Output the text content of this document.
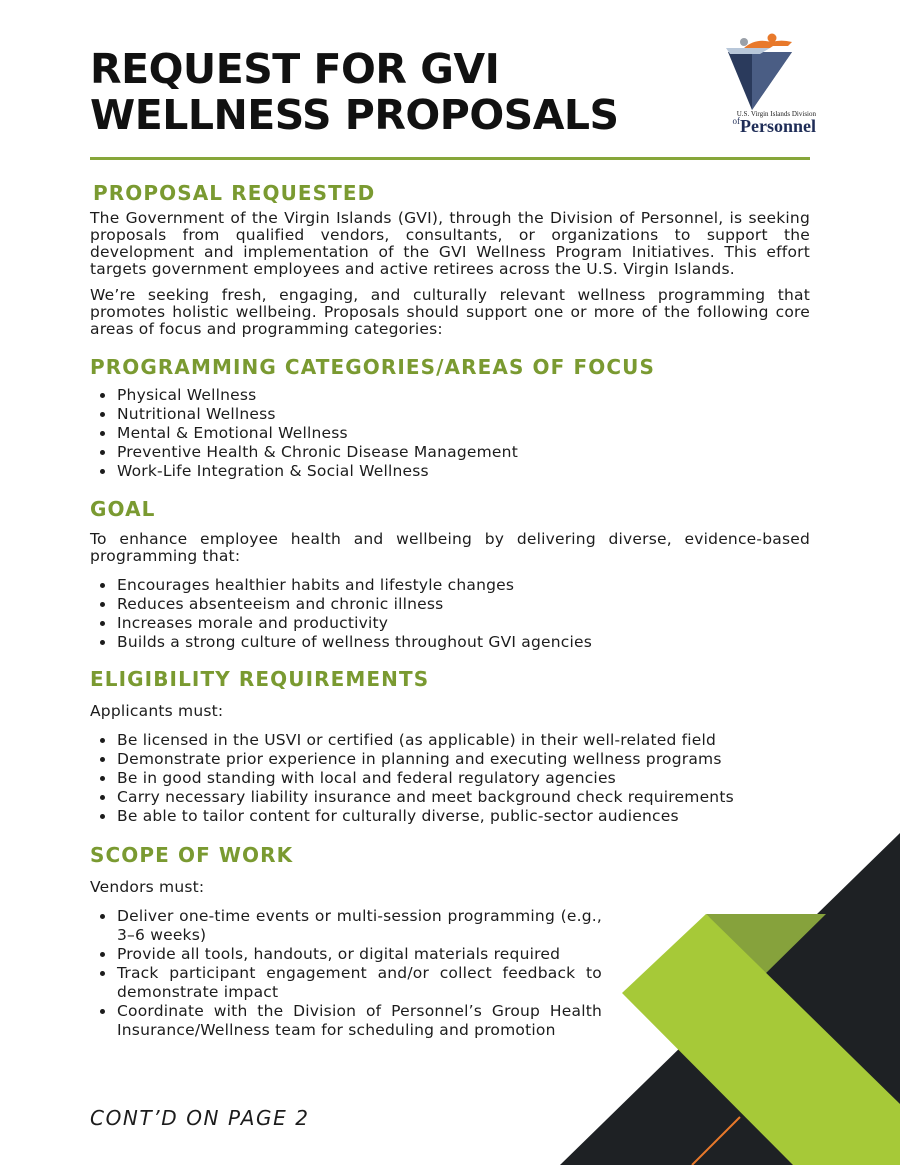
REQUEST FOR GVI
WELLNESS PROPOSALS	U.S. Virgin Islands Division
$^{of}$Personnel
PROPOSAL REQUESTED

The Government of the Virgin Islands (GVI), through the Division of Personnel, is seeking proposals from qualified vendors, consultants, or organizations to support the development and implementation of the GVI Wellness Program Initiatives. This effort targets government employees and active retirees across the U.S. Virgin Islands.

We’re seeking fresh, engaging, and culturally relevant wellness programming that promotes holistic wellbeing. Proposals should support one or more of the following core areas of focus and programming categories:

PROGRAMMING CATEGORIES/AREAS OF FOCUS
Physical Wellness
Nutritional Wellness
Mental & Emotional Wellness
Preventive Health & Chronic Disease Management
Work-Life Integration & Social Wellness
GOAL

To enhance employee health and wellbeing by delivering diverse, evidence-based programming that:

Encourages healthier habits and lifestyle changes
Reduces absenteeism and chronic illness
Increases morale and productivity
Builds a strong culture of wellness throughout GVI agencies
ELIGIBILITY REQUIREMENTS

Applicants must:

Be licensed in the USVI or certified (as applicable) in their well-related field
Demonstrate prior experience in planning and executing wellness programs
Be in good standing with local and federal regulatory agencies
Carry necessary liability insurance and meet background check requirements
Be able to tailor content for culturally diverse, public-sector audiences
SCOPE OF WORK

Vendors must:

Deliver one-time events or multi-session programming (e.g., 3–6 weeks)
Provide all tools, handouts, or digital materials required
Track participant engagement and/or collect feedback to demonstrate impact
Coordinate with the Division of Personnel’s Group Health Insurance/Wellness team for scheduling and promotion
CONT’D ON PAGE 2
